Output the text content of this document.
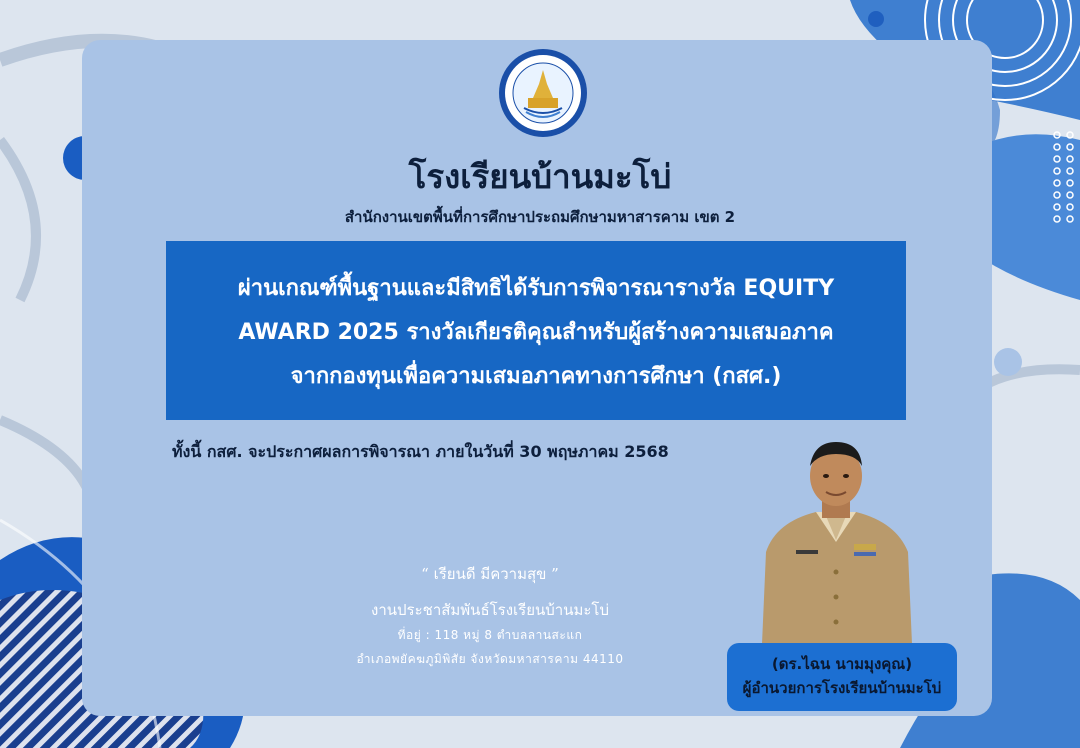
โรงเรียนบ้านมะโบ่
สำนักงานเขตพื้นที่การศึกษาประถมศึกษามหาสารคาม เขต 2
ผ่านเกณฑ์พื้นฐานและมีสิทธิได้รับการพิจารณารางวัล EQUITY
AWARD 2025 รางวัลเกียรติคุณสำหรับผู้สร้างความเสมอภาค
จากกองทุนเพื่อความเสมอภาคทางการศึกษา (กสศ.)
ทั้งนี้ กสศ. จะประกาศผลการพิจารณา ภายในวันที่ 30 พฤษภาคม 2568
“ เรียนดี มีความสุข ”
งานประชาสัมพันธ์โรงเรียนบ้านมะโบ่
ที่อยู่ : 118 หมู่ 8 ตำบลลานสะแก
อำเภอพยัคฆภูมิพิสัย จังหวัดมหาสารคาม 44110	(ดร.ไฉน นามมุงคุณ)
ผู้อำนวยการโรงเรียนบ้านมะโบ่
